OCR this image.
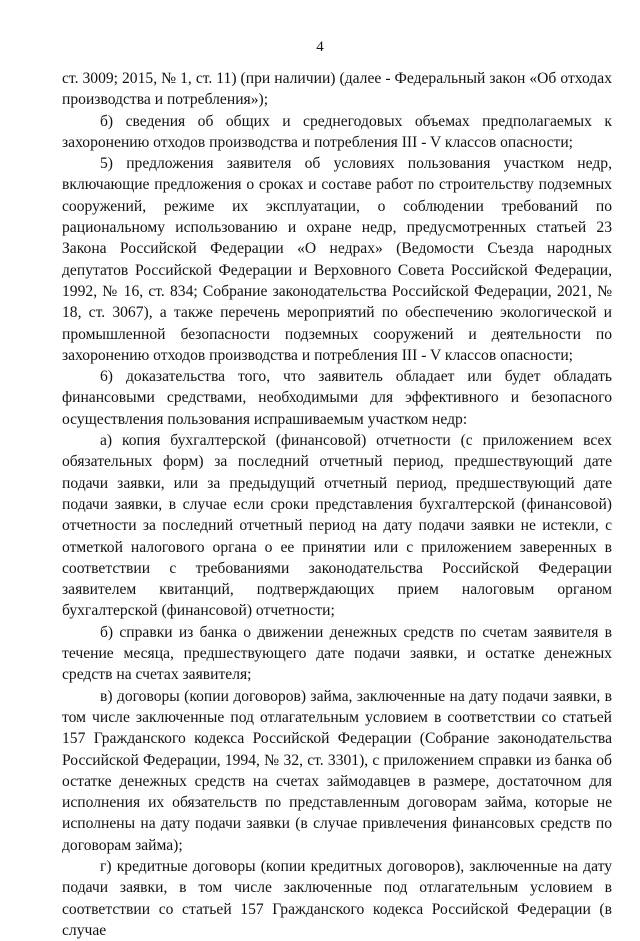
4

ст. 3009; 2015, № 1, ст. 11) (при наличии) (далее - Федеральный закон «Об отходах производства и потребления»);

б) сведения об общих и среднегодовых объемах предполагаемых к захоронению отходов производства и потребления III - V классов опасности;

5) предложения заявителя об условиях пользования участком недр, включающие предложения о сроках и составе работ по строительству подземных сооружений, режиме их эксплуатации, о соблюдении требований по рациональному использованию и охране недр, предусмотренных статьей 23 Закона Российской Федерации «О недрах» (Ведомости Съезда народных депутатов Российской Федерации и Верховного Совета Российской Федерации, 1992, № 16, ст. 834; Собрание законодательства Российской Федерации, 2021, № 18, ст. 3067), а также перечень мероприятий по обеспечению экологической и промышленной безопасности подземных сооружений и деятельности по захоронению отходов производства и потребления III - V классов опасности;

6) доказательства того, что заявитель обладает или будет обладать финансовыми средствами, необходимыми для эффективного и безопасного осуществления пользования испрашиваемым участком недр:

а) копия бухгалтерской (финансовой) отчетности (с приложением всех обязательных форм) за последний отчетный период, предшествующий дате подачи заявки, или за предыдущий отчетный период, предшествующий дате подачи заявки, в случае если сроки представления бухгалтерской (финансовой) отчетности за последний отчетный период на дату подачи заявки не истекли, с отметкой налогового органа о ее принятии или с приложением заверенных в соответствии с требованиями законодательства Российской Федерации заявителем квитанций, подтверждающих прием налоговым органом бухгалтерской (финансовой) отчетности;

б) справки из банка о движении денежных средств по счетам заявителя в течение месяца, предшествующего дате подачи заявки, и остатке денежных средств на счетах заявителя;

в) договоры (копии договоров) займа, заключенные на дату подачи заявки, в том числе заключенные под отлагательным условием в соответствии со статьей 157 Гражданского кодекса Российской Федерации (Собрание законодательства Российской Федерации, 1994, № 32, ст. 3301), с приложением справки из банка об остатке денежных средств на счетах займодавцев в размере, достаточном для исполнения их обязательств по представленным договорам займа, которые не исполнены на дату подачи заявки (в случае привлечения финансовых средств по договорам займа);

г) кредитные договоры (копии кредитных договоров), заключенные на дату подачи заявки, в том числе заключенные под отлагательным условием в соответствии со статьей 157 Гражданского кодекса Российской Федерации (в случае
